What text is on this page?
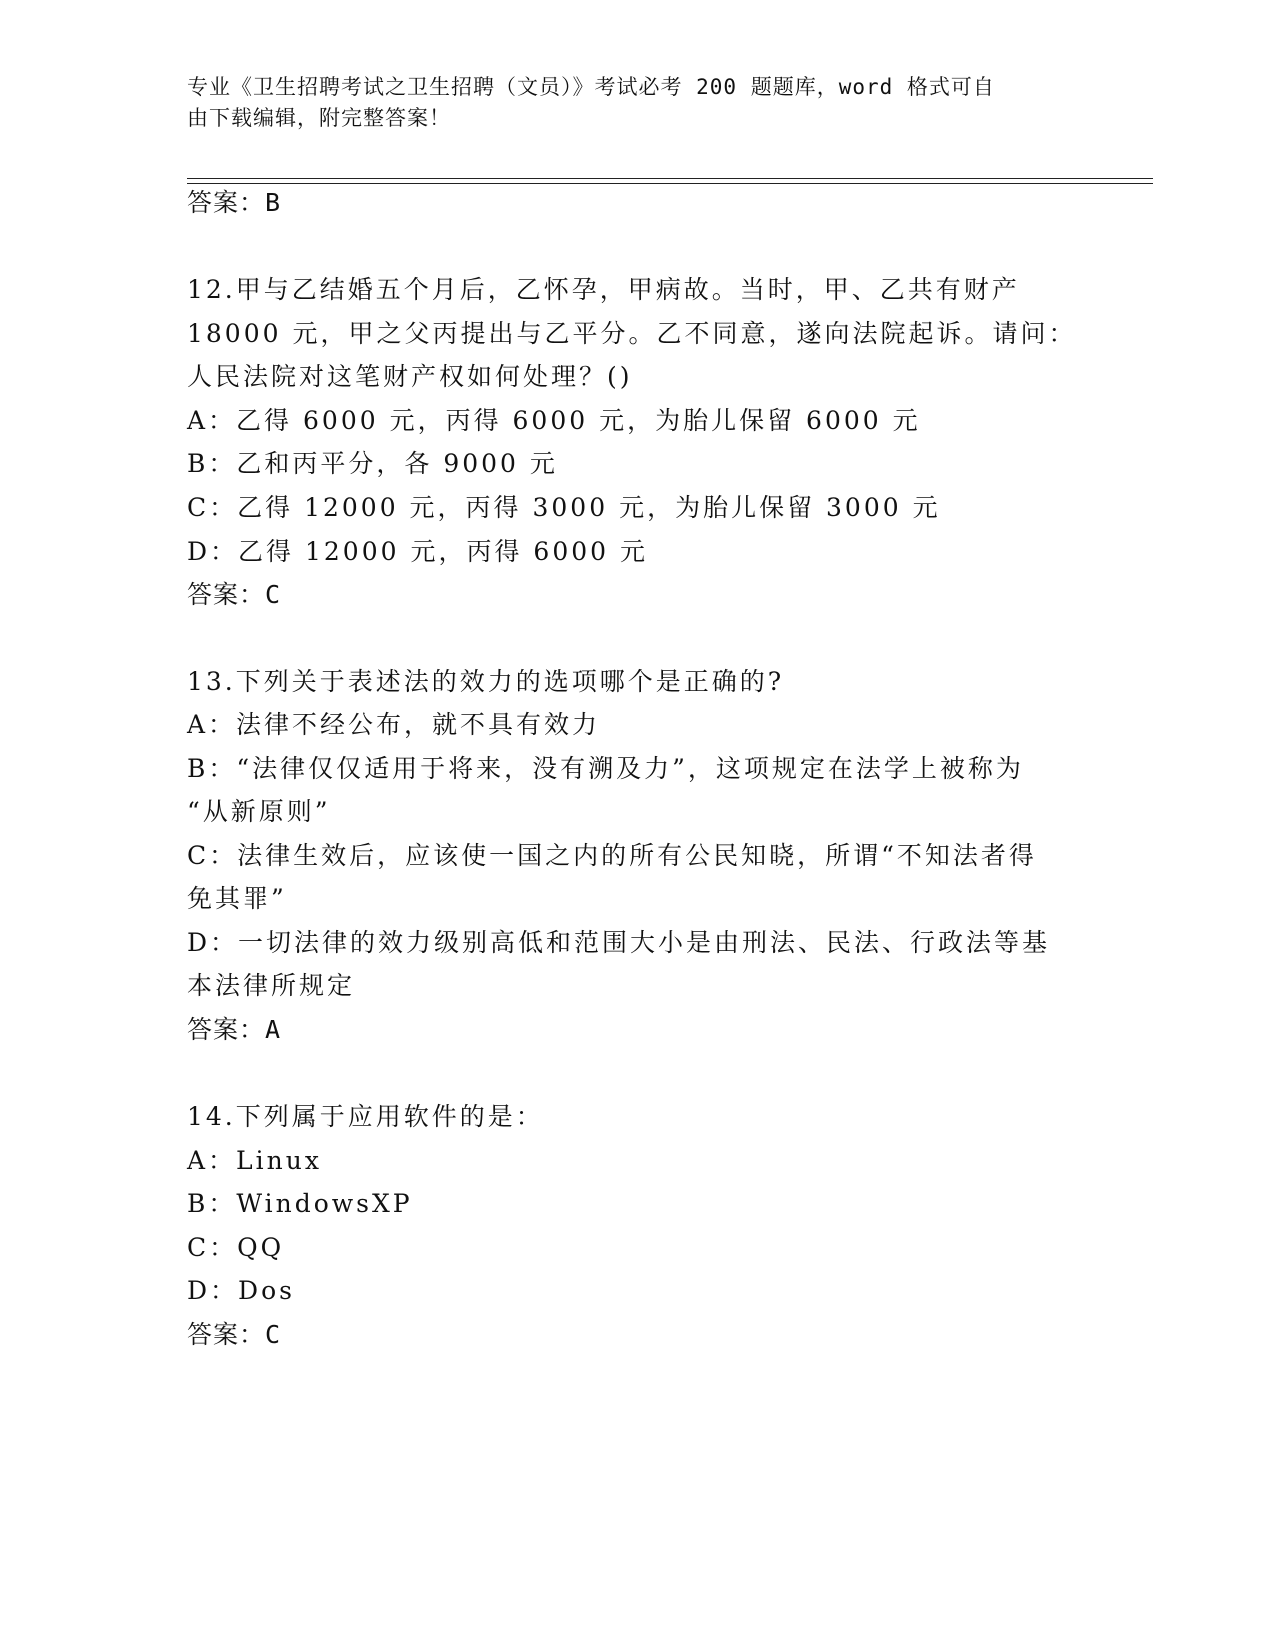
专业《卫生招聘考试之卫生招聘（文员）》考试必考 200 题题库，word 格式可自
由下载编辑，附完整答案！
答案：B
12.甲与乙结婚五个月后，乙怀孕，甲病故。当时，甲、乙共有财产
18000 元，甲之父丙提出与乙平分。乙不同意，遂向法院起诉。请问：
人民法院对这笔财产权如何处理？()
A：乙得 6000 元，丙得 6000 元，为胎儿保留 6000 元
B：乙和丙平分，各 9000 元
C：乙得 12000 元，丙得 3000 元，为胎儿保留 3000 元
D：乙得 12000 元，丙得 6000 元
答案：C
13.下列关于表述法的效力的选项哪个是正确的?
A：法律不经公布，就不具有效力
B：“法律仅仅适用于将来，没有溯及力”，这项规定在法学上被称为
“从新原则”
C：法律生效后，应该使一国之内的所有公民知晓，所谓“不知法者得
免其罪”
D：一切法律的效力级别高低和范围大小是由刑法、民法、行政法等基
本法律所规定
答案：A
14.下列属于应用软件的是：
A：Linux
B：WindowsXP
C：QQ
D：Dos
答案：C
